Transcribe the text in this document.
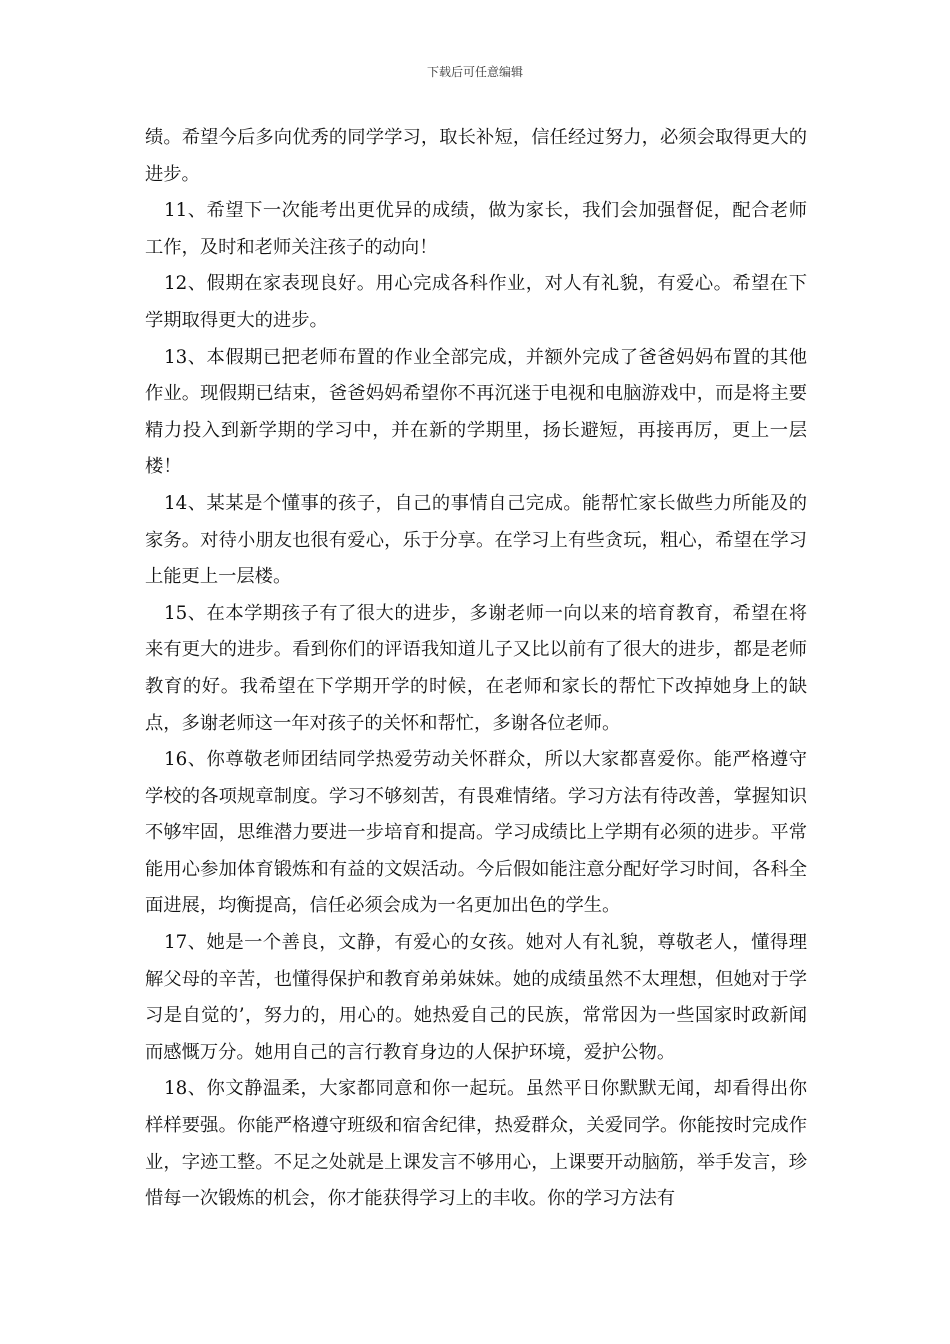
下载后可任意编辑

绩。希望今后多向优秀的同学学习，取长补短，信任经过努力，必须会取得更大的进步。

11、希望下一次能考出更优异的成绩，做为家长，我们会加强督促，配合老师工作，及时和老师关注孩子的动向！

12、假期在家表现良好。用心完成各科作业，对人有礼貌，有爱心。希望在下学期取得更大的进步。

13、本假期已把老师布置的作业全部完成，并额外完成了爸爸妈妈布置的其他作业。现假期已结束，爸爸妈妈希望你不再沉迷于电视和电脑游戏中，而是将主要精力投入到新学期的学习中，并在新的学期里，扬长避短，再接再厉，更上一层楼！

14、某某是个懂事的孩子，自己的事情自己完成。能帮忙家长做些力所能及的家务。对待小朋友也很有爱心，乐于分享。在学习上有些贪玩，粗心，希望在学习上能更上一层楼。

15、在本学期孩子有了很大的进步，多谢老师一向以来的培育教育，希望在将来有更大的进步。看到你们的评语我知道儿子又比以前有了很大的进步，都是老师教育的好。我希望在下学期开学的时候，在老师和家长的帮忙下改掉她身上的缺点，多谢老师这一年对孩子的关怀和帮忙，多谢各位老师。

16、你尊敬老师团结同学热爱劳动关怀群众，所以大家都喜爱你。能严格遵守学校的各项规章制度。学习不够刻苦，有畏难情绪。学习方法有待改善，掌握知识不够牢固，思维潜力要进一步培育和提高。学习成绩比上学期有必须的进步。平常能用心参加体育锻炼和有益的文娱活动。今后假如能注意分配好学习时间，各科全面进展，均衡提高，信任必须会成为一名更加出色的学生。

17、她是一个善良，文静，有爱心的女孩。她对人有礼貌，尊敬老人，懂得理解父母的辛苦，也懂得保护和教育弟弟妹妹。她的成绩虽然不太理想，但她对于学习是自觉的’，努力的，用心的。她热爱自己的民族，常常因为一些国家时政新闻而感慨万分。她用自己的言行教育身边的人保护环境，爱护公物。

18、你文静温柔，大家都同意和你一起玩。虽然平日你默默无闻，却看得出你样样要强。你能严格遵守班级和宿舍纪律，热爱群众，关爱同学。你能按时完成作业，字迹工整。不足之处就是上课发言不够用心，上课要开动脑筋，举手发言，珍惜每一次锻炼的机会，你才能获得学习上的丰收。你的学习方法有
